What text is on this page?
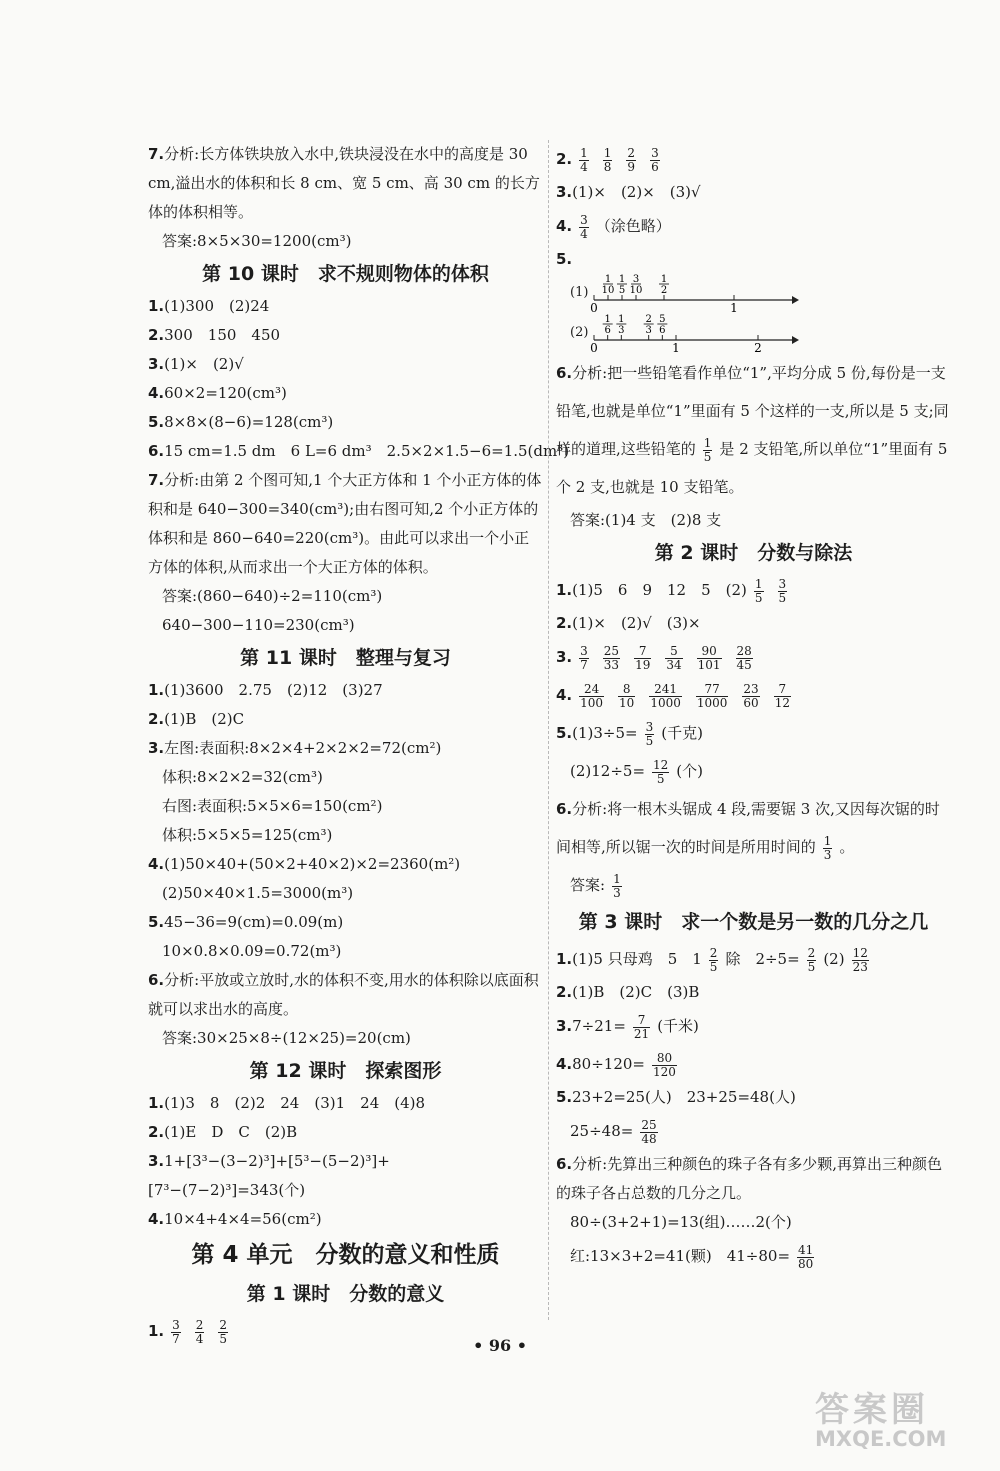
7.分析:长方体铁块放入水中,铁块浸没在水中的高度是 30 cm,溢出水的体积和长 8 cm、宽 5 cm、高 30 cm 的长方体的体积相等。
答案:8×5×30=1200(cm³)
第 10 课时　求不规则物体的体积
1.(1)300　(2)24
2.300　150　450
3.(1)×　(2)√
4.60×2=120(cm³)
5.8×8×(8−6)=128(cm³)
6.15 cm=1.5 dm　6 L=6 dm³　2.5×2×1.5−6=1.5(dm³)
7.分析:由第 2 个图可知,1 个大正方体和 1 个小正方体的体积和是 640−300=340(cm³);由右图可知,2 个小正方体的体积和是 860−640=220(cm³)。由此可以求出一个小正方体的体积,从而求出一个大正方体的体积。
答案:(860−640)÷2=110(cm³)
640−300−110=230(cm³)
第 11 课时　整理与复习
1.(1)3600　2.75　(2)12　(3)27
2.(1)B　(2)C
3.左图:表面积:8×2×4+2×2×2=72(cm²)
体积:8×2×2=32(cm³)
右图:表面积:5×5×6=150(cm²)
体积:5×5×5=125(cm³)
4.(1)50×40+(50×2+40×2)×2=2360(m²)
(2)50×40×1.5=3000(m³)
5.45−36=9(cm)=0.09(m)
10×0.8×0.09=0.72(m³)
6.分析:平放或立放时,水的体积不变,用水的体积除以底面积就可以求出水的高度。
答案:30×25×8÷(12×25)=20(cm)
第 12 课时　探索图形
1.(1)3　8　(2)2　24　(3)1　24　(4)8
2.(1)E　D　C　(2)B
3.1+[3³−(3−2)³]+[5³−(5−2)³]+[7³−(7−2)³]=343(个)
4.10×4+4×4=56(cm²)
第 4 单元　分数的意义和性质
第 1 课时　分数的意义
1. $\frac{3}{7} \frac{2}{4} \frac{2}{5}$
2. $\frac{1}{4} \frac{1}{8} \frac{2}{9} \frac{3}{6}$
3.(1)×　(2)×　(3)√
4. $\frac{3}{4}$ （涂色略）
5.
(1)
0	1
1
10
1
5
3
10
1
2
(2)
0	1	2
1
6
1
3
2
3
5
6
6.分析:把一些铅笔看作单位“1”,平均分成 5 份,每份是一支铅笔,也就是单位“1”里面有 5 个这样的一支,所以是 5 支;同样的道理,这些铅笔的 $\frac{1}{5}$ 是 2 支铅笔,所以单位“1”里面有 5 个 2 支,也就是 10 支铅笔。
答案:(1)4 支　(2)8 支
第 2 课时　分数与除法
1.(1)5　6　9　12　5　$(2) \frac{1}{5} \frac{3}{5}$
2.(1)×　(2)√　(3)×
3. $\frac{3}{7} \frac{25}{33} \frac{7}{19} \frac{5}{34} \frac{90}{101} \frac{28}{45}$
4. $\frac{24}{100} \frac{8}{10} \frac{241}{1000} \frac{77}{1000} \frac{23}{60} \frac{7}{12}$
$5.(1)3\div 5= \frac{3}{5}$ (千克)
$(2)12\div 5= \frac{12}{5}$ (个)
6.分析:将一根木头锯成 4 段,需要锯 3 次,又因每次锯的时间相等,所以锯一次的时间是所用时间的 $\frac{1}{3}$ 。
答案: $\frac{1}{3}$
第 3 课时　求一个数是另一数的几分之几
1.(1)5 只母鸡　5　$1 \frac{2}{5}$ 除　$2\div 5= \frac{2}{5} (2) \frac{12}{23}$
2.(1)B　(2)C　(3)B
$3.7\div 21= \frac{7}{21}$ (千米)
$4.80\div 120= \frac{80}{120}$
5.23+2=25(人)　23+25=48(人)
$25\div 48= \frac{25}{48}$
6.分析:先算出三种颜色的珠子各有多少颗,再算出三种颜色的珠子各占总数的几分之几。
80÷(3+2+1)=13(组)……2(个)
红:13×3+2=41(颗)　$41\div 80= \frac{41}{80}$
• 96 •
答案圈
MXQE.COM
